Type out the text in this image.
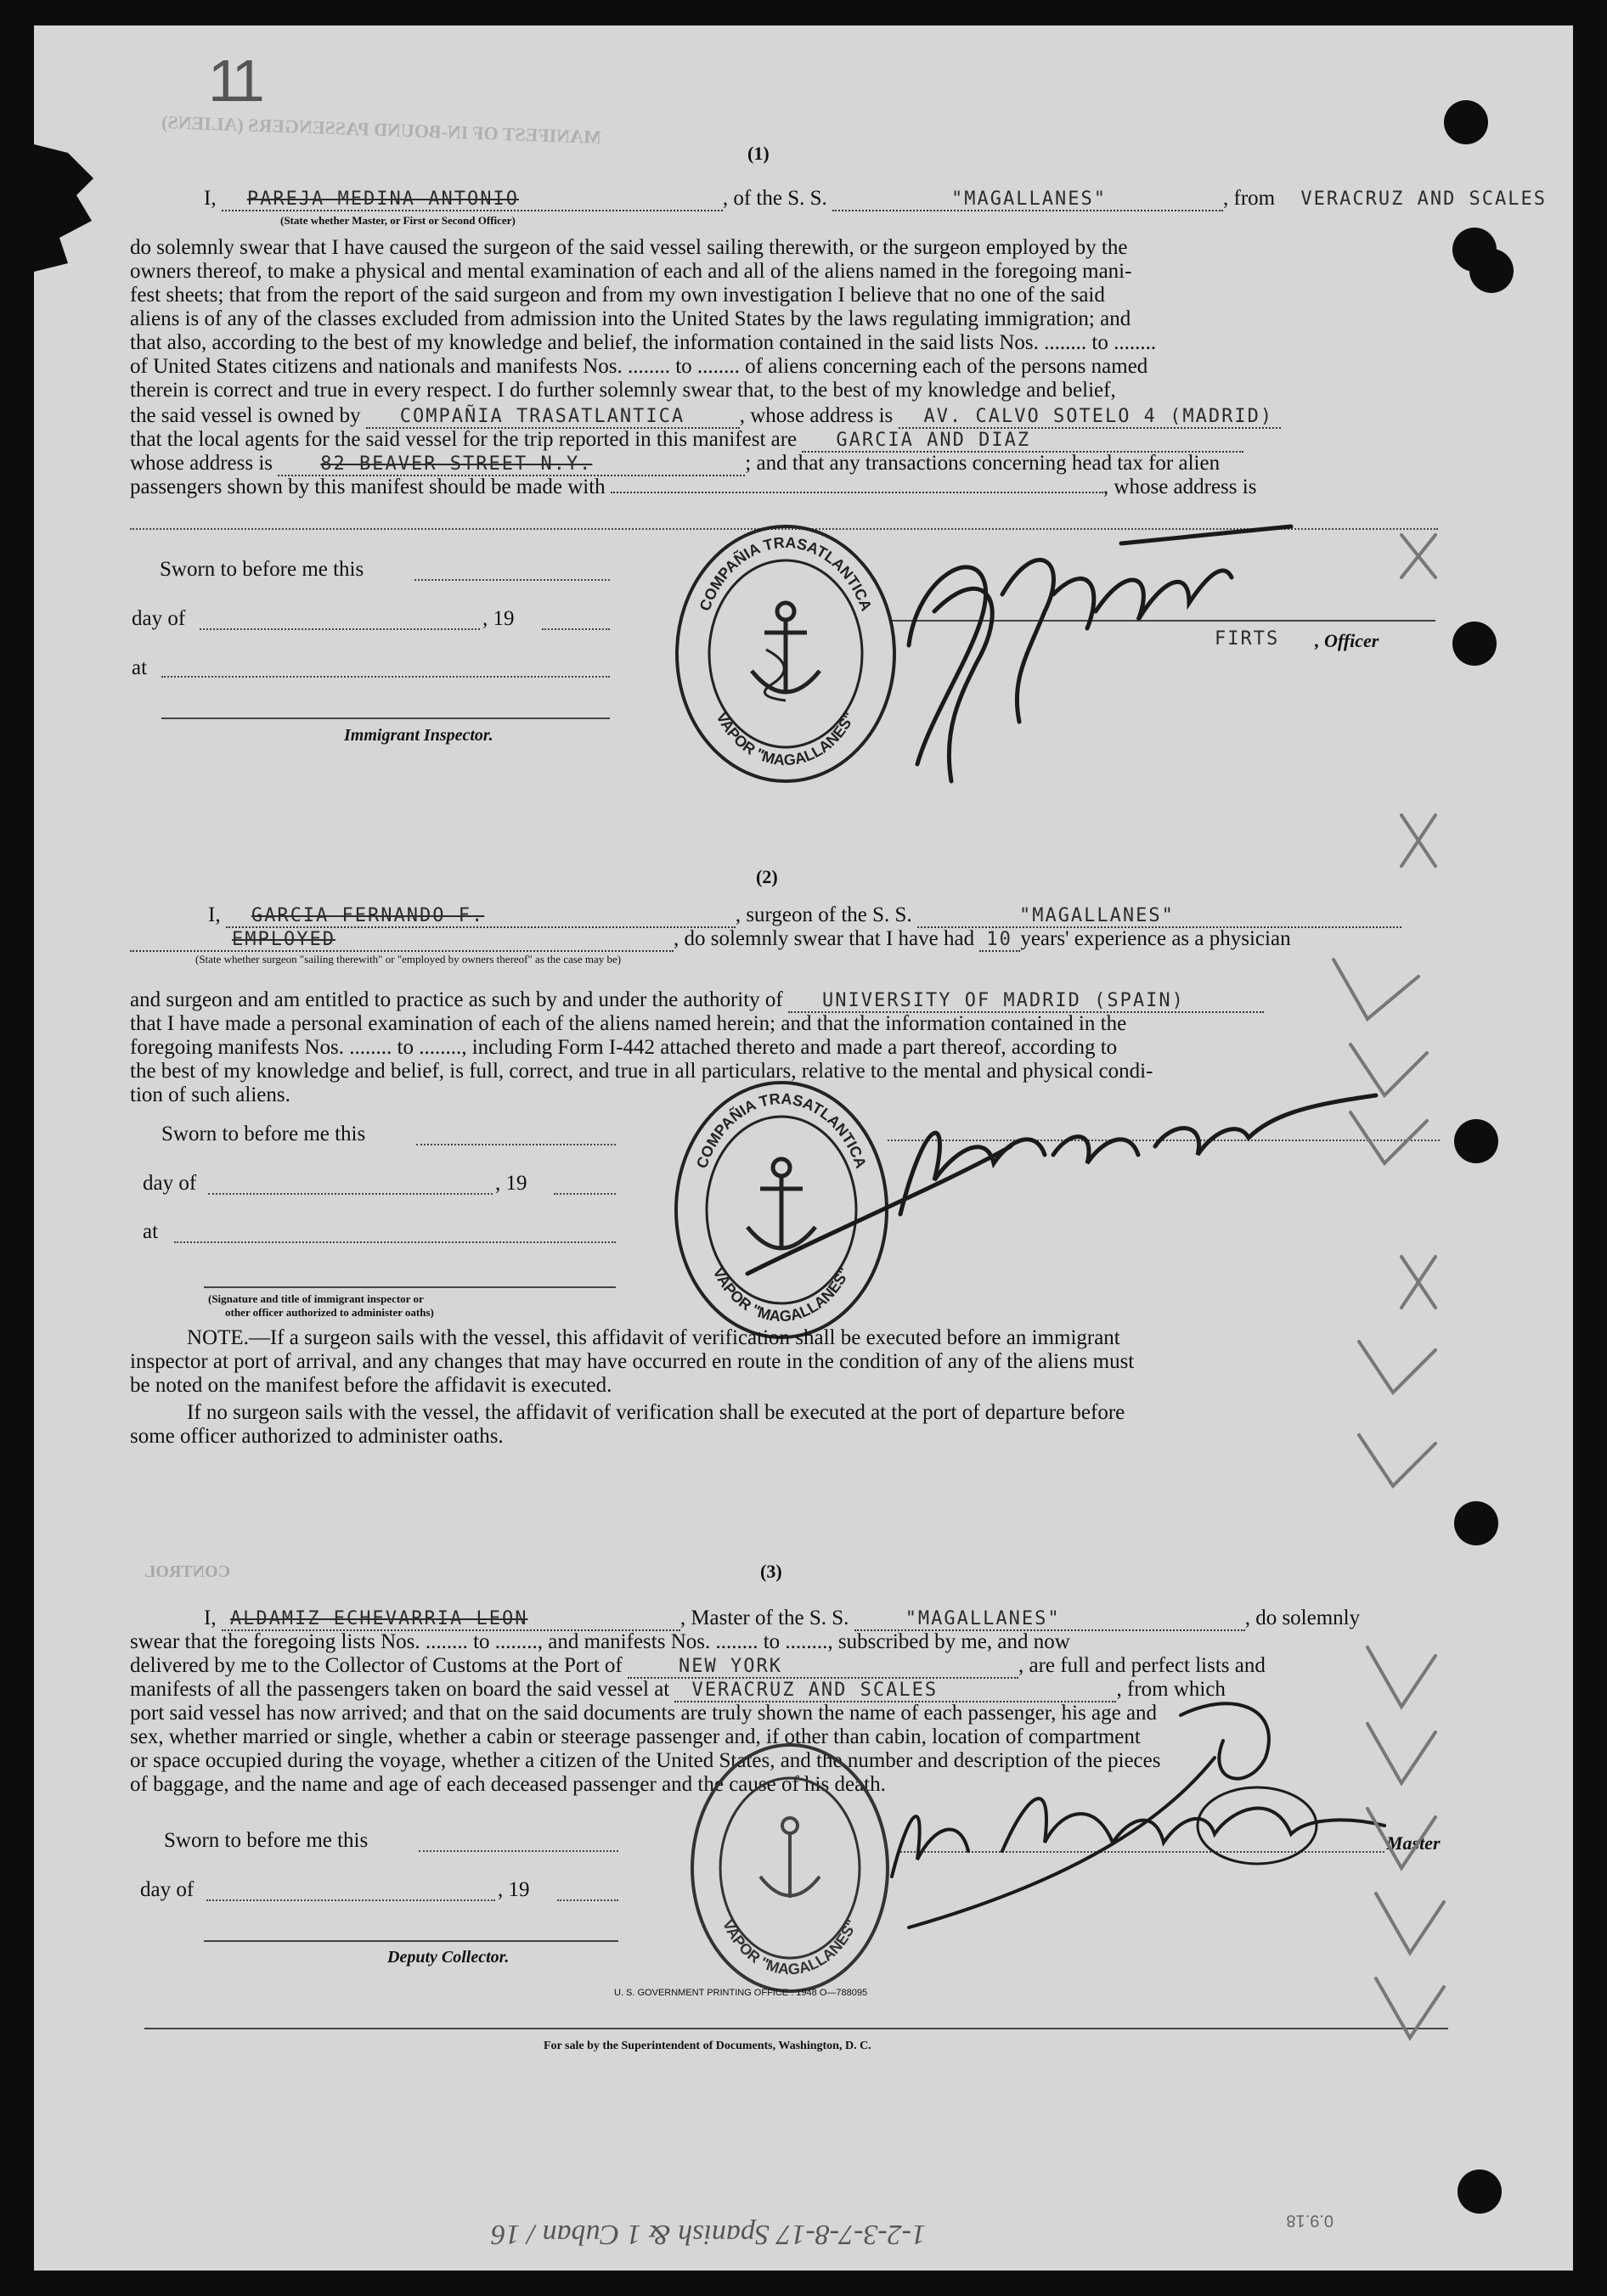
MANIFEST OF IN-BOUND PASSENGERS (ALIENS)
CONTROL
11
(1)
I, PAREJA MEDINA ANTONIO	, of the S. S.	"MAGALLANES"	, from VERACRUZ AND SCALES
(State whether Master, or First or Second Officer)
do solemnly swear that I have caused the surgeon of the said vessel sailing therewith, or the surgeon employed by the
owners thereof, to make a physical and mental examination of each and all of the aliens named in the foregoing mani-
fest sheets; that from the report of the said surgeon and from my own investigation I believe that no one of the said
aliens is of any of the classes excluded from admission into the United States by the laws regulating immigration; and
that also, according to the best of my knowledge and belief, the information contained in the said lists Nos. ........ to ........
of United States citizens and nationals and manifests Nos. ........ to ........ of aliens concerning each of the persons named
therein is correct and true in every respect. I do further solemnly swear that, to the best of my knowledge and belief,
the said vessel is owned by COMPAÑIA TRASATLANTICA	, whose address is AV. CALVO SOTELO 4 (MADRID)
that the local agents for the said vessel for the trip reported in this manifest are GARCIA AND DIAZ
whose address is	82 BEAVER STREET N.Y.	; and that any transactions concerning head tax for alien
passengers shown by this manifest should be made with	, whose address is
Sworn to before me this
day of	, 19
at
Immigrant Inspector.
FIRTS , Officer
COMPAÑIA TRASATLANTICA
VAPOR "MAGALLANES"
(2)
I, GARCIA FERNANDO F.	, surgeon of the S. S.	"MAGALLANES"
EMPLOYED	, do solemnly swear that I have had 10 years' experience as a physician
(State whether surgeon "sailing therewith" or "employed by owners thereof" as the case may be)
and surgeon and am entitled to practice as such by and under the authority of UNIVERSITY OF MADRID (SPAIN)
that I have made a personal examination of each of the aliens named herein; and that the information contained in the
foregoing manifests Nos. ........ to ........, including Form I-442 attached thereto and made a part thereof, according to
the best of my knowledge and belief, is full, correct, and true in all particulars, relative to the mental and physical condi-
tion of such aliens.
Sworn to before me this
day of	, 19
at
(Signature and title of immigrant inspector or
other officer authorized to administer oaths)
COMPAÑIA TRASATLANTICA
VAPOR "MAGALLANES"
NOTE.—If a surgeon sails with the vessel, this affidavit of verification shall be executed before an immigrant
inspector at port of arrival, and any changes that may have occurred en route in the condition of any of the aliens must
be noted on the manifest before the affidavit is executed.
If no surgeon sails with the vessel, the affidavit of verification shall be executed at the port of departure before
some officer authorized to administer oaths.
(3)
I, ALDAMIZ ECHEVARRIA LEON	, Master of the S. S.	"MAGALLANES"	, do solemnly
swear that the foregoing lists Nos. ........ to ........, and manifests Nos. ........ to ........, subscribed by me, and now
delivered by me to the Collector of Customs at the Port of	NEW YORK	, are full and perfect lists and
manifests of all the passengers taken on board the said vessel at VERACRUZ AND SCALES	, from which
port said vessel has now arrived; and that on the said documents are truly shown the name of each passenger, his age and
sex, whether married or single, whether a cabin or steerage passenger and, if other than cabin, location of compartment
or space occupied during the voyage, whether a citizen of the United States, and the number and description of the pieces
of baggage, and the name and age of each deceased passenger and the cause of his death.
Sworn to before me this
day of	, 19
Deputy Collector.
Master
VAPOR "MAGALLANES"
U. S. GOVERNMENT PRINTING OFFICE : 1948 O—788095
For sale by the Superintendent of Documents, Washington, D. C.
1-2-3-7-8-17 Spanish & 1 Cuban / 16	0.9.18
